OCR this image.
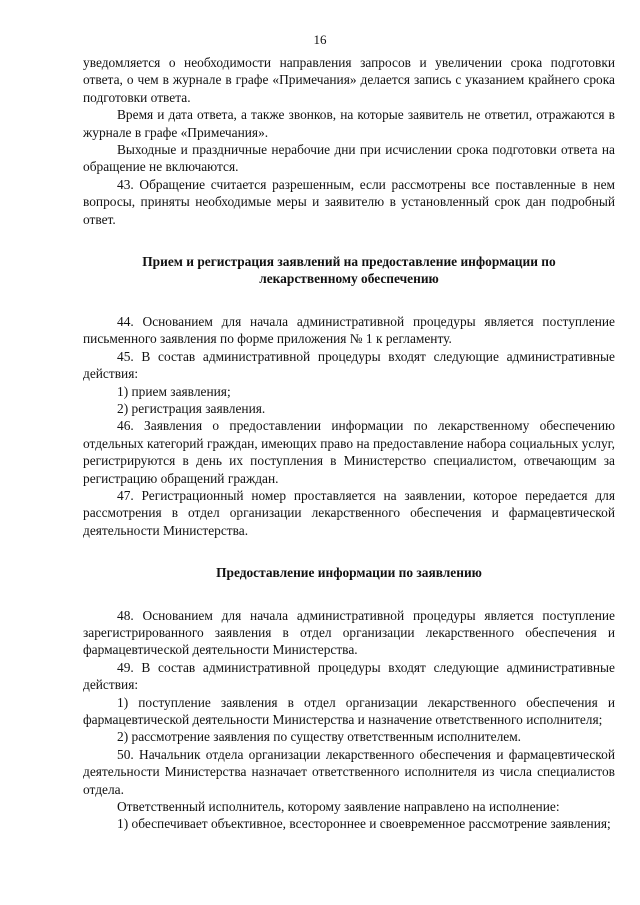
16

уведомляется о необходимости направления запросов и увеличении срока подготовки ответа, о чем в журнале в графе «Примечания» делается запись с указанием крайнего срока подготовки ответа.

Время и дата ответа, а также звонков, на которые заявитель не ответил, отражаются в журнале в графе «Примечания».

Выходные и праздничные нерабочие дни при исчислении срока подготовки ответа на обращение не включаются.

43. Обращение считается разрешенным, если рассмотрены все поставленные в нем вопросы, приняты необходимые меры и заявителю в установленный срок дан подробный ответ.

Прием и регистрация заявлений на предоставление информации по лекарственному обеспечению

44. Основанием для начала административной процедуры является поступление письменного заявления по форме приложения № 1 к регламенту.

45. В состав административной процедуры входят следующие административные действия:

1) прием заявления;

2) регистрация заявления.

46. Заявления о предоставлении информации по лекарственному обеспечению отдельных категорий граждан, имеющих право на предоставление набора социальных услуг, регистрируются в день их поступления в Министерство специалистом, отвечающим за регистрацию обращений граждан.

47. Регистрационный номер проставляется на заявлении, которое передается для рассмотрения в отдел организации лекарственного обеспечения и фармацевтической деятельности Министерства.

Предоставление информации по заявлению

48. Основанием для начала административной процедуры является поступление зарегистрированного заявления в отдел организации лекарственного обеспечения и фармацевтической деятельности Министерства.

49. В состав административной процедуры входят следующие административные действия:

1) поступление заявления в отдел организации лекарственного обеспечения и фармацевтической деятельности Министерства и назначение ответственного исполнителя;

2) рассмотрение заявления по существу ответственным исполнителем.

50. Начальник отдела организации лекарственного обеспечения и фармацевтической деятельности Министерства назначает ответственного исполнителя из числа специалистов отдела.

Ответственный исполнитель, которому заявление направлено на исполнение:

1) обеспечивает объективное, всестороннее и своевременное рассмотрение заявления;
